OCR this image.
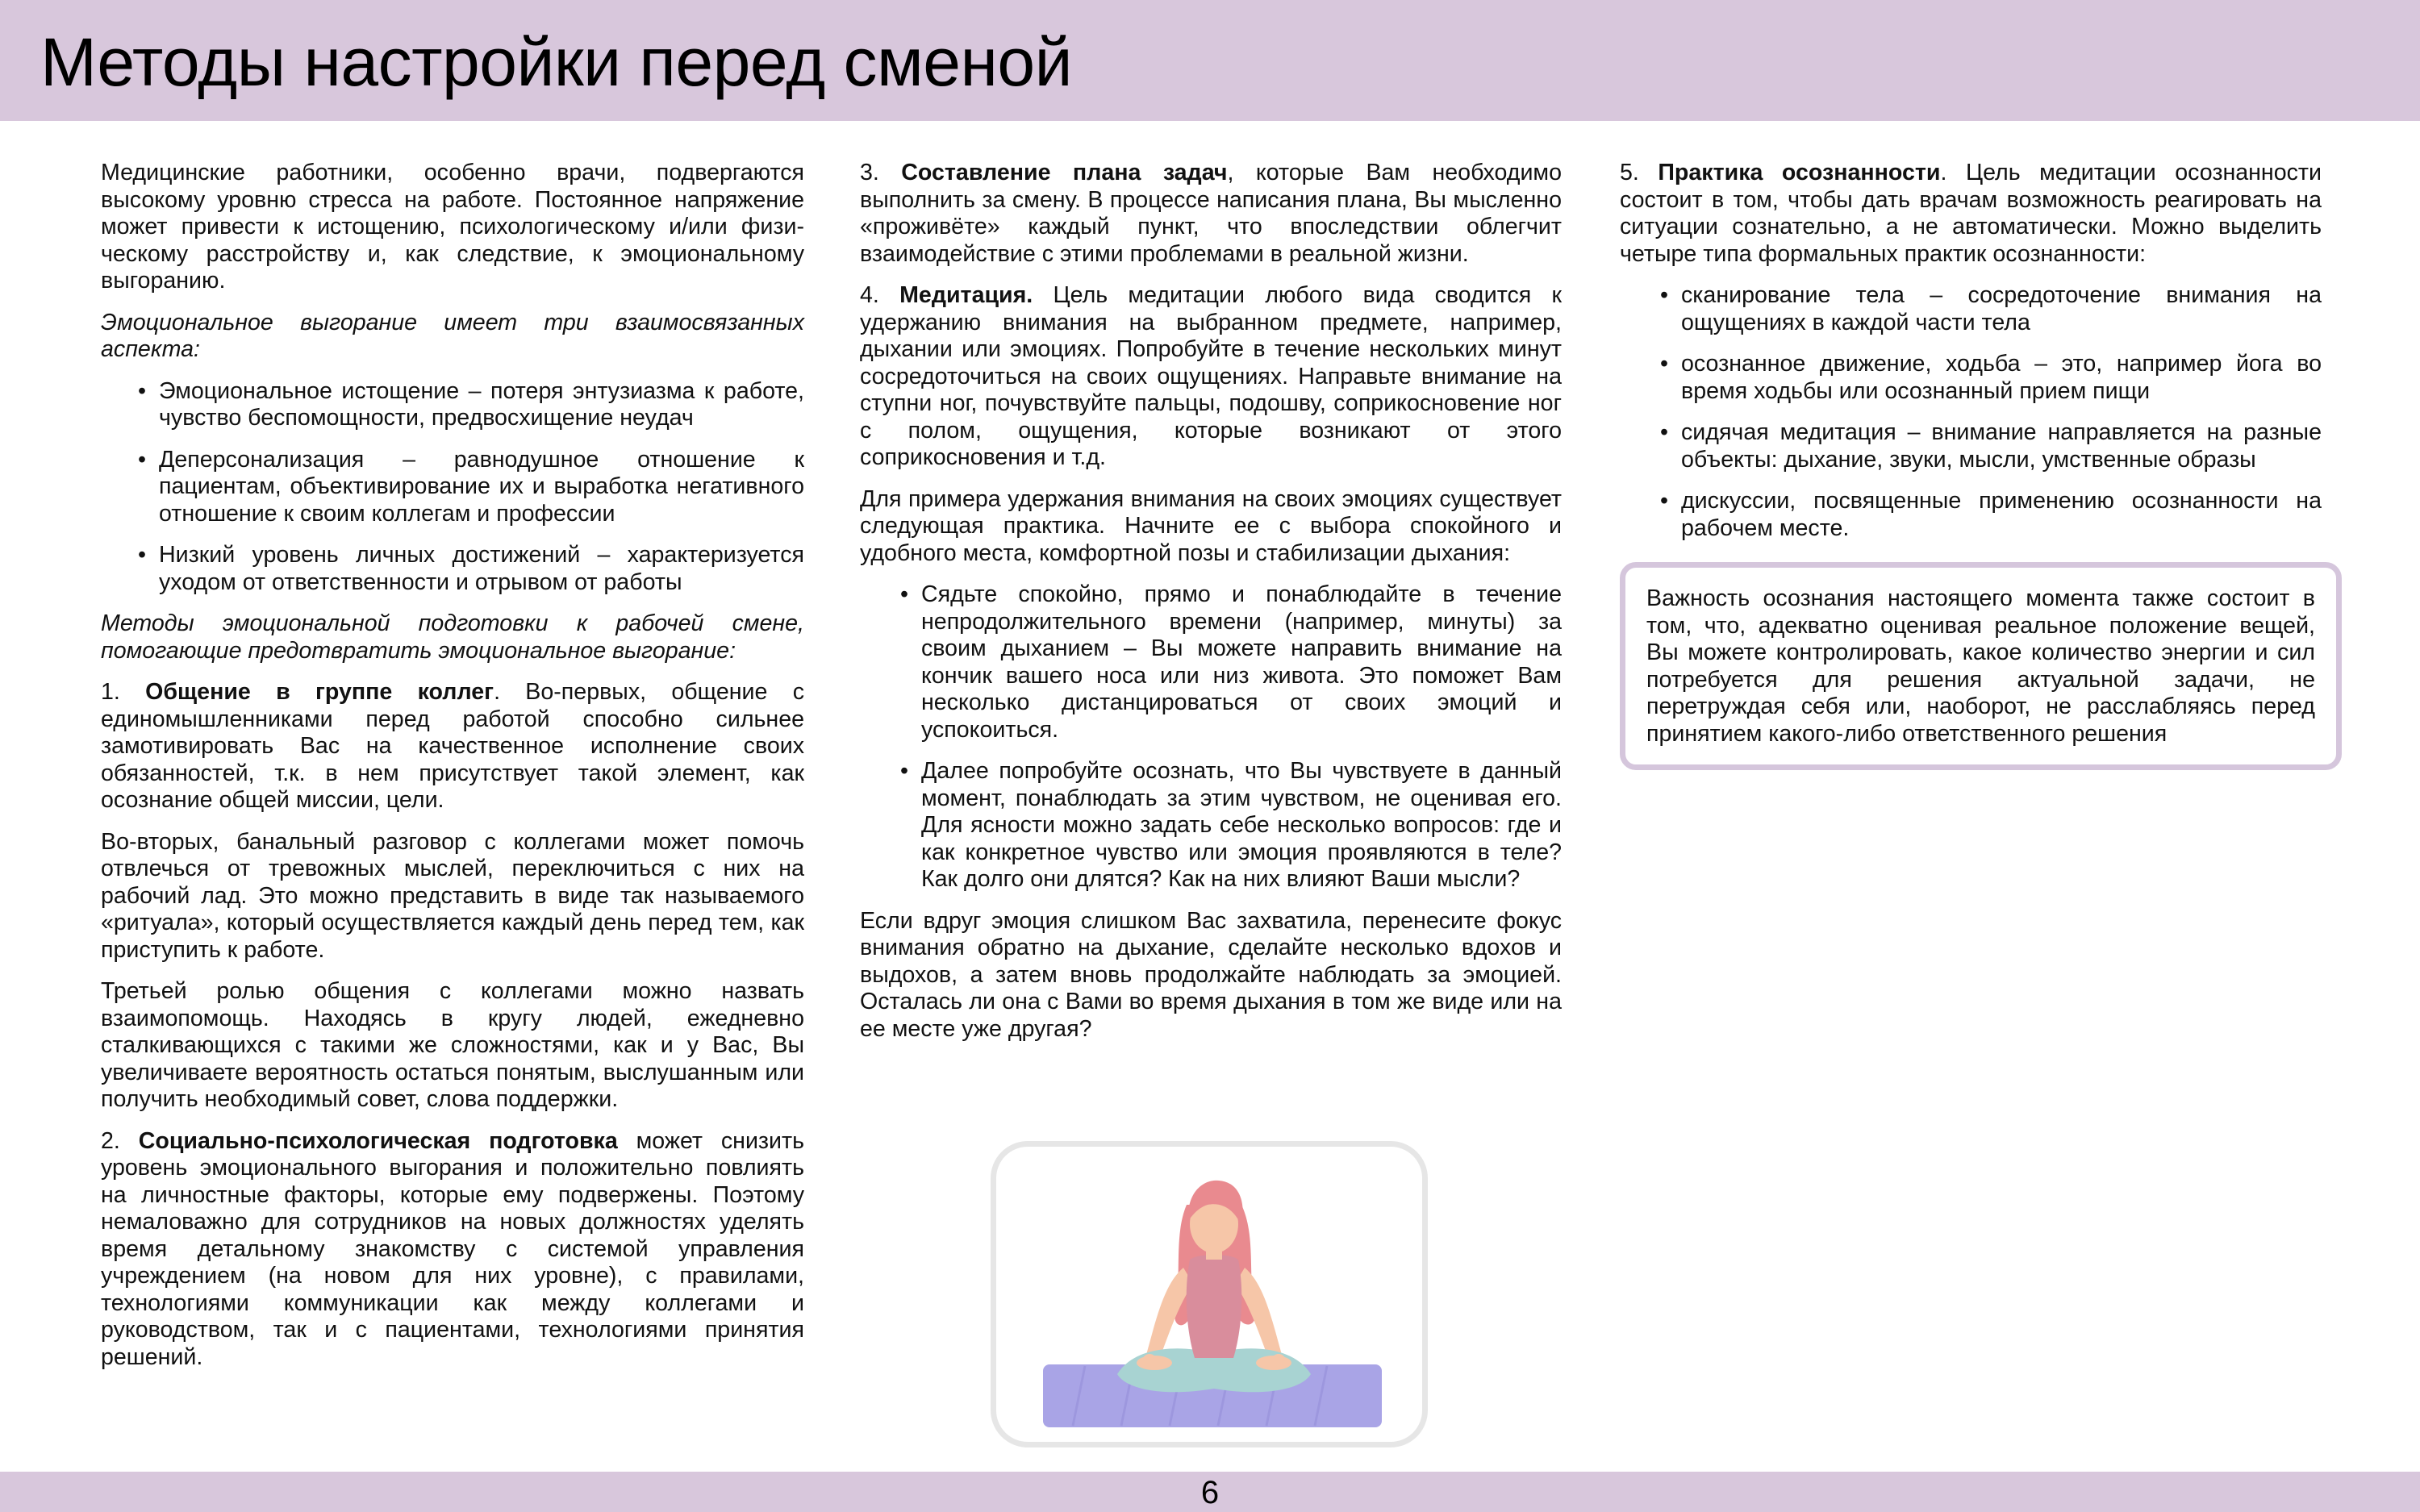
Методы настройки перед сменой

Медицинские работники, особенно врачи, подвергаются высокому уровню стресса на работе. Постоянное напряжение может привести к истощению, психологическому и/или физи-ческому расстройству и, как следствие, к эмоциональному выгоранию.

Эмоциональное выгорание имеет три взаимосвязанных аспекта:

• Эмоциональное истощение – потеря энтузиазма к работе, чувство беспомощности, предвосхищение неудач
• Деперсонализация – равнодушное отношение к пациентам, объективирование их и выработка негативного отношение к своим коллегам и профессии
• Низкий уровень личных достижений – характеризуется уходом от ответственности и отрывом от работы

Методы эмоциональной подготовки к рабочей смене, помогающие предотвратить эмоциональное выгорание:

1. Общение в группе коллег. Во-первых, общение с единомышленниками перед работой способно сильнее замотивировать Вас на качественное исполнение своих обязанностей, т.к. в нем присутствует такой элемент, как осознание общей миссии, цели.

Во-вторых, банальный разговор с коллегами может помочь отвлечься от тревожных мыслей, переключиться с них на рабочий лад. Это можно представить в виде так называемого «ритуала», который осуществляется каждый день перед тем, как приступить к работе.

Третьей ролью общения с коллегами можно назвать взаимопомощь. Находясь в кругу людей, ежедневно сталкивающихся с такими же сложностями, как и у Вас, Вы увеличиваете вероятность остаться понятым, выслушанным или получить необходимый совет, слова поддержки.

2. Социально-психологическая подготовка может снизить уровень эмоционального выгорания и положительно повлиять на личностные факторы, которые ему подвержены. Поэтому немаловажно для сотрудников на новых должностях уделять время детальному знакомству с системой управления учреждением (на новом для них уровне), с правилами, технологиями коммуникации как между коллегами и руководством, так и с пациентами, технологиями принятия решений.

3. Составление плана задач, которые Вам необходимо выполнить за смену. В процессе написания плана, Вы мысленно «проживёте» каждый пункт, что впоследствии облегчит взаимодействие с этими проблемами в реальной жизни.

4. Медитация. Цель медитации любого вида сводится к удержанию внимания на выбранном предмете, например, дыхании или эмоциях. Попробуйте в течение нескольких минут сосредоточиться на своих ощущениях. Направьте внимание на ступни ног, почувствуйте пальцы, подошву, соприкосновение ног с полом, ощущения, которые возникают от этого соприкосновения и т.д.

Для примера удержания внимания на своих эмоциях существует следующая практика. Начните ее с выбора спокойного и удобного места, комфортной позы и стабилизации дыхания:

• Сядьте спокойно, прямо и понаблюдайте в течение непродолжительного времени (например, минуты) за своим дыханием – Вы можете направить внимание на кончик вашего носа или низ живота. Это поможет Вам несколько дистанцироваться от своих эмоций и успокоиться.
• Далее попробуйте осознать, что Вы чувствуете в данный момент, понаблюдать за этим чувством, не оценивая его. Для ясности можно задать себе несколько вопросов: где и как конкретное чувство или эмоция проявляются в теле? Как долго они длятся? Как на них влияют Ваши мысли?

Если вдруг эмоция слишком Вас захватила, перенесите фокус внимания обратно на дыхание, сделайте несколько вдохов и выдохов, а затем вновь продолжайте наблюдать за эмоцией. Осталась ли она с Вами во время дыхания в том же виде или на ее месте уже другая?

5. Практика осознанности. Цель медитации осознанности состоит в том, чтобы дать врачам возможность реагировать на ситуации сознательно, а не автоматически. Можно выделить четыре типа формальных практик осознанности:

• сканирование тела – сосредоточение внимания на ощущениях в каждой части тела
• осознанное движение, ходьба – это, например йога во время ходьбы или осознанный прием пищи
• сидячая медитация – внимание направляется на разные объекты: дыхание, звуки, мысли, умственные образы
• дискуссии, посвященные применению осознанности на рабочем месте.

Важность осознания настоящего момента также состоит в том, что, адекватно оценивая реальное положение вещей, Вы можете контролировать, какое количество энергии и сил потребуется для решения актуальной задачи, не перетруждая себя или, наоборот, не расслабляясь перед принятием какого-либо ответственного решения

6
